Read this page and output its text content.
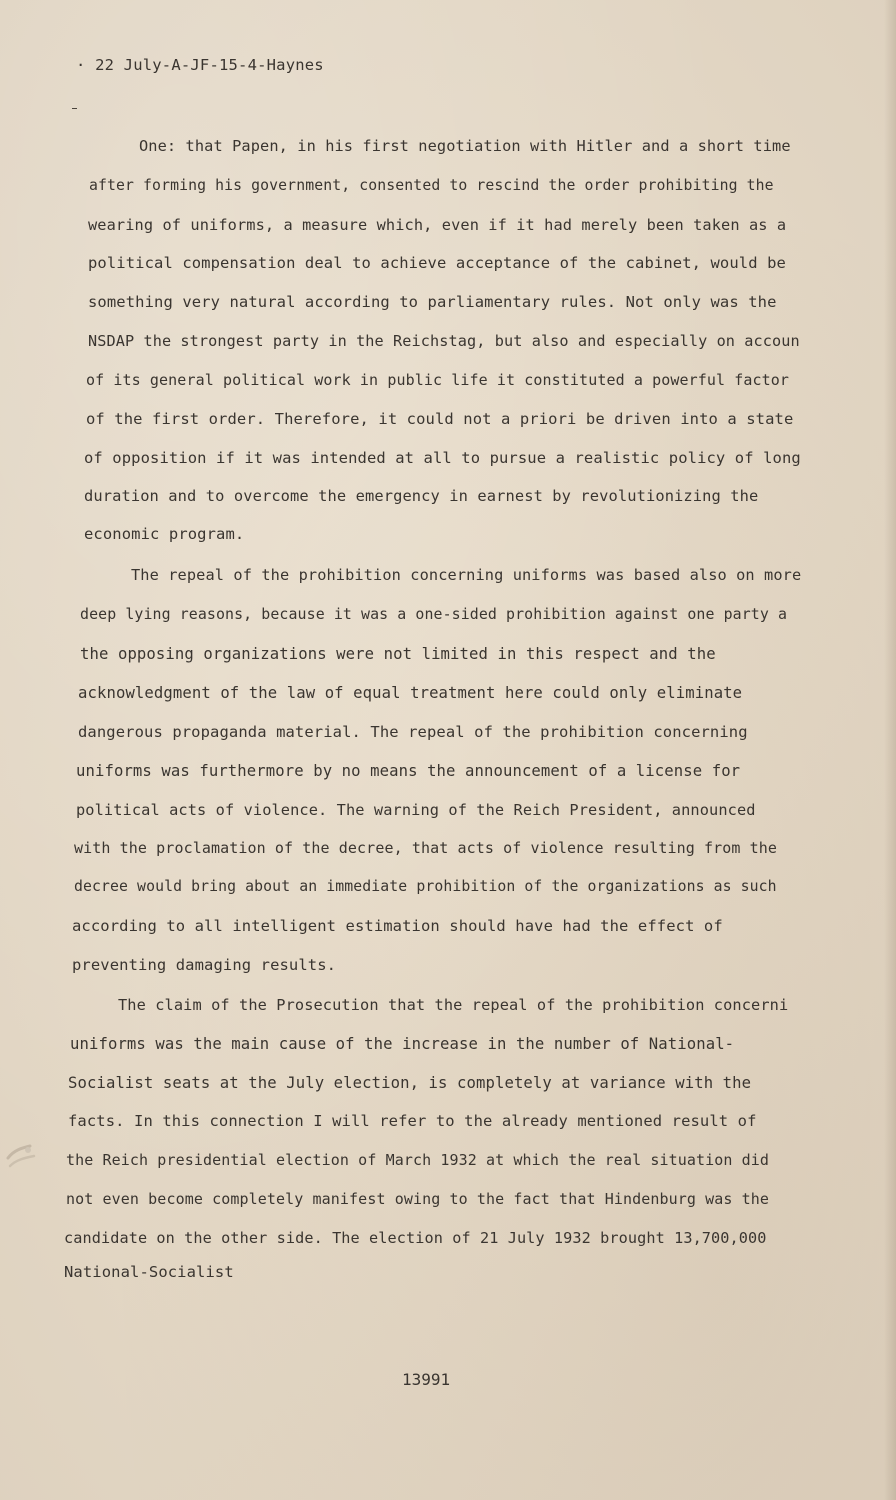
· 22 July-A-JF-15-4-Haynes
One: that Papen, in his first negotiation with Hitler and a short time
after forming his government, consented to rescind the order prohibiting the
wearing of uniforms, a measure which, even if it had merely been taken as a
political compensation deal to achieve acceptance of the cabinet, would be
something very natural according to parliamentary rules. Not only was the
NSDAP the strongest party in the Reichstag, but also and especially on accoun
of its general political work in public life it constituted a powerful factor
of the first order. Therefore, it could not a priori be driven into a state
of opposition if it was intended at all to pursue a realistic policy of long
duration and to overcome the emergency in earnest by revolutionizing the
economic program.
The repeal of the prohibition concerning uniforms was based also on more
deep lying reasons, because it was a one-sided prohibition against one party a
the opposing organizations were not limited in this respect and the
acknowledgment of the law of equal treatment here could only eliminate
dangerous propaganda material. The repeal of the prohibition concerning
uniforms was furthermore by no means the announcement of a license for
political acts of violence. The warning of the Reich President, announced
with the proclamation of the decree, that acts of violence resulting from the
decree would bring about an immediate prohibition of the organizations as such
according to all intelligent estimation should have had the effect of
preventing damaging results.
The claim of the Prosecution that the repeal of the prohibition concerni
uniforms was the main cause of the increase in the number of National-
Socialist seats at the July election, is completely at variance with the
facts. In this connection I will refer to the already mentioned result of
the Reich presidential election of March 1932 at which the real situation did
not even become completely manifest owing to the fact that Hindenburg was the
candidate on the other side. The election of 21 July 1932 brought 13,700,000
National-Socialist
13991
